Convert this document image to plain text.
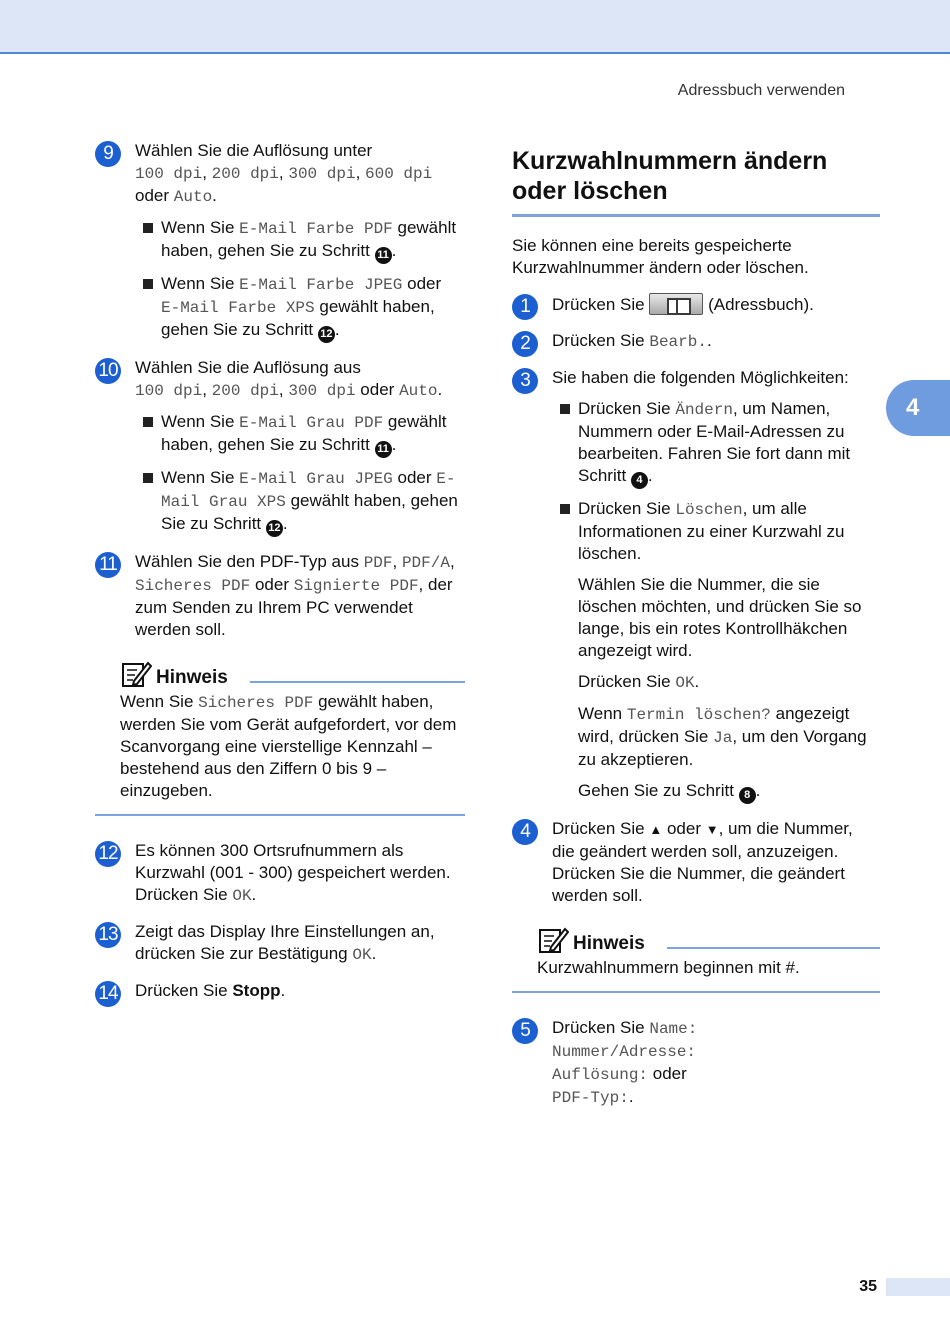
Adressbuch verwenden
9	Wählen Sie die Auflösung unter
100 dpi, 200 dpi, 300 dpi, 600 dpi oder Auto.
Wenn Sie E-Mail Farbe PDF gewählt haben, gehen Sie zu Schritt 11 .
Wenn Sie E-Mail Farbe JPEG oder E-Mail Farbe XPS gewählt haben, gehen Sie zu Schritt 12 .
10 Wählen Sie die Auflösung aus
100 dpi, 200 dpi, 300 dpi oder Auto.
Wenn Sie E-Mail Grau PDF gewählt haben, gehen Sie zu Schritt 11 .
Wenn Sie E-Mail Grau JPEG oder E-Mail Grau XPS gewählt haben, gehen Sie zu Schritt 12 .
11 Wählen Sie den PDF-Typ aus PDF, PDF/A, Sicheres PDF oder Signierte PDF, der zum Senden zu Ihrem PC verwendet werden soll.
Hinweis
Wenn Sie Sicheres PDF gewählt haben, werden Sie vom Gerät aufgefordert, vor dem Scanvorgang eine vierstellige Kennzahl – bestehend aus den Ziffern 0 bis 9 – einzugeben.
12 Es können 300 Ortsrufnummern als Kurzwahl (001 - 300) gespeichert werden.
Drücken Sie OK.
13 Zeigt das Display Ihre Einstellungen an, drücken Sie zur Bestätigung OK.
14 Drücken Sie Stopp.
Kurzwahlnummern ändern oder löschen

Sie können eine bereits gespeicherte Kurzwahlnummer ändern oder löschen.

1	Drücken Sie	(Adressbuch).
2	Drücken Sie Bearb..
3	Sie haben die folgenden Möglichkeiten:
Drücken Sie Ändern, um Namen, Nummern oder E-Mail-Adressen zu bearbeiten. Fahren Sie fort dann mit Schritt 4 .
Drücken Sie Löschen, um alle Informationen zu einer Kurzwahl zu löschen.
Wählen Sie die Nummer, die sie löschen möchten, und drücken Sie so lange, bis ein rotes Kontrollhäkchen angezeigt wird.
Drücken Sie OK.
Wenn Termin löschen? angezeigt wird, drücken Sie Ja, um den Vorgang zu akzeptieren.
Gehen Sie zu Schritt 8 .
4	Drücken Sie ▲ oder ▼, um die Nummer, die geändert werden soll, anzuzeigen. Drücken Sie die Nummer, die geändert werden soll.
Hinweis
Kurzwahlnummern beginnen mit #.
5	Drücken Sie Name:
Nummer/Adresse:
Auflösung: oder
PDF-Typ:.
4
35
